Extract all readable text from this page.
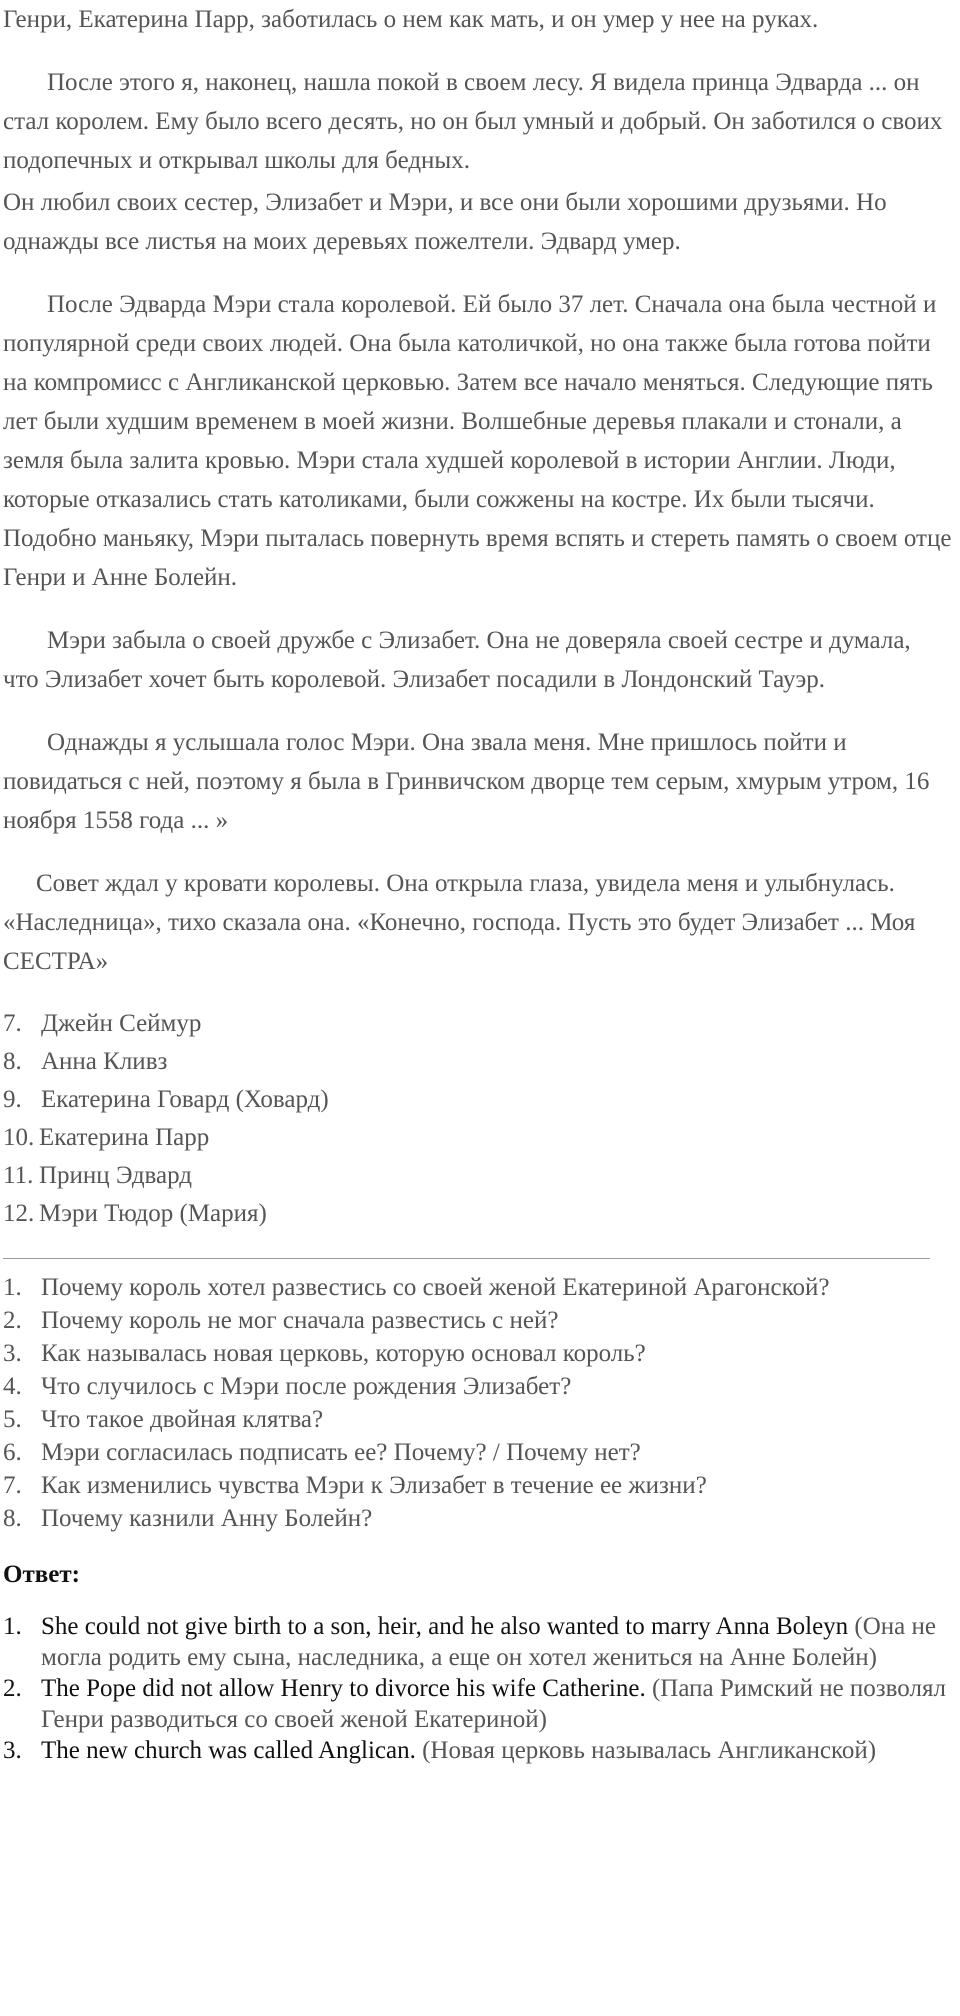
Генри, Екатерина Парр, заботилась о нем как мать, и он умер у нее на руках.

После этого я, наконец, нашла покой в своем лесу. Я видела принца Эдварда ... он стал королем. Ему было всего десять, но он был умный и добрый. Он заботился о своих подопечных и открывал школы для бедных.

Он любил своих сестер, Элизабет и Мэри, и все они были хорошими друзьями. Но однажды все листья на моих деревьях пожелтели. Эдвард умер.

После Эдварда Мэри стала королевой. Ей было 37 лет. Сначала она была честной и популярной среди своих людей. Она была католичкой, но она также была готова пойти на компромисс с Англиканской церковью. Затем все начало меняться. Следующие пять лет были худшим временем в моей жизни. Волшебные деревья плакали и стонали, а земля была залита кровью. Мэри стала худшей королевой в истории Англии. Люди, которые отказались стать католиками, были сожжены на костре. Их были тысячи. Подобно маньяку, Мэри пыталась повернуть время вспять и стереть память о своем отце Генри и Анне Болейн.

Мэри забыла о своей дружбе с Элизабет. Она не доверяла своей сестре и думала, что Элизабет хочет быть королевой. Элизабет посадили в Лондонский Тауэр.

Однажды я услышала голос Мэри. Она звала меня. Мне пришлось пойти и повидаться с ней, поэтому я была в Гринвичском дворце тем серым, хмурым утром, 16 ноября 1558 года ... »

Совет ждал у кровати королевы. Она открыла глаза, увидела меня и улыбнулась. «Наследница», тихо сказала она. «Конечно, господа. Пусть это будет Элизабет ... Моя СЕСТРА»

7. Джейн Сеймур
8. Анна Кливз
9. Екатерина Говард (Ховард)
10. Екатерина Парр
11. Принц Эдвард
12. Мэри Тюдор (Мария)
1. Почему король хотел развестись со своей женой Екатериной Арагонской?
2. Почему король не мог сначала развестись с ней?
3. Как называлась новая церковь, которую основал король?
4. Что случилось с Мэри после рождения Элизабет?
5. Что такое двойная клятва?
6. Мэри согласилась подписать ее? Почему? / Почему нет?
7. Как изменились чувства Мэри к Элизабет в течение ее жизни?
8. Почему казнили Анну Болейн?

Ответ:

1. She could not give birth to a son, heir, and he also wanted to marry Anna Boleyn (Она не могла родить ему сына, наследника, а еще он хотел жениться на Анне Болейн)
2. The Pope did not allow Henry to divorce his wife Catherine. (Папа Римский не позволял Генри разводиться со своей женой Екатериной)
3. The new church was called Anglican. (Новая церковь называлась Англиканской)
